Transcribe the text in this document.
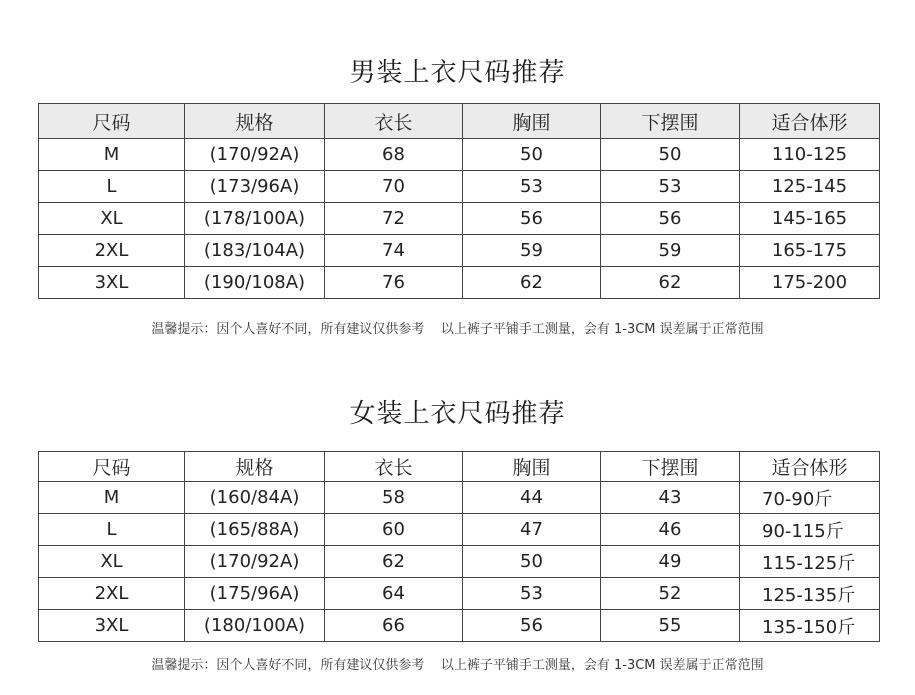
男装上衣尺码推荐
尺码	规格	衣长	胸围	下摆围	适合体形
M	(170/92A)	68	50	50	110-125
L	(173/96A)	70	53	53	125-145
XL	(178/100A)	72	56	56	145-165
2XL	(183/104A)	74	59	59	165-175
3XL	(190/108A)	76	62	62	175-200
温馨提示：因个人喜好不同，所有建议仅供参考    以上裤子平铺手工测量，会有 1-3CM 误差属于正常范围
女装上衣尺码推荐
尺码	规格	衣长	胸围	下摆围	适合体形
M	(160/84A)	58	44	43	70-90斤
L	(165/88A)	60	47	46	90-115斤
XL	(170/92A)	62	50	49	115-125斤
2XL	(175/96A)	64	53	52	125-135斤
3XL	(180/100A)	66	56	55	135-150斤
温馨提示：因个人喜好不同，所有建议仅供参考    以上裤子平铺手工测量，会有 1-3CM 误差属于正常范围
